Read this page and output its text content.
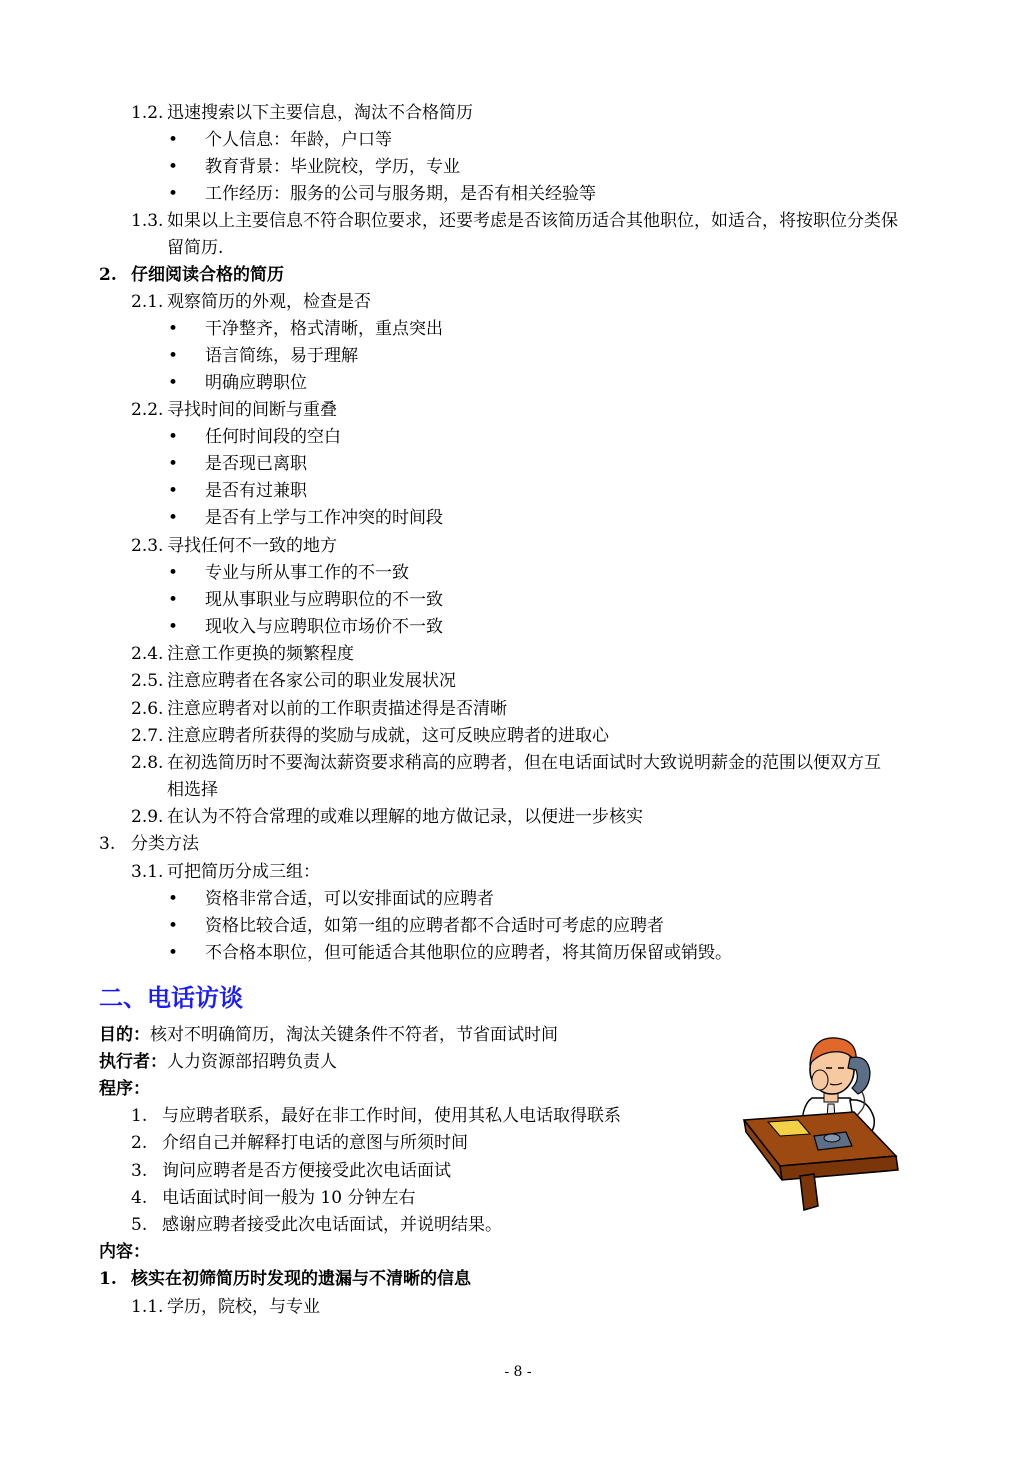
1.2. 迅速搜索以下主要信息，淘汰不合格简历
• 个人信息：年龄，户口等
• 教育背景：毕业院校，学历，专业
• 工作经历：服务的公司与服务期，是否有相关经验等
1.3. 如果以上主要信息不符合职位要求，还要考虑是否该简历适合其他职位，如适合，将按职位分类保
留简历.
2. 仔细阅读合格的简历
2.1. 观察简历的外观，检查是否
• 干净整齐，格式清晰，重点突出
• 语言简练，易于理解
• 明确应聘职位
2.2. 寻找时间的间断与重叠
• 任何时间段的空白
• 是否现已离职
• 是否有过兼职
• 是否有上学与工作冲突的时间段
2.3. 寻找任何不一致的地方
• 专业与所从事工作的不一致
• 现从事职业与应聘职位的不一致
• 现收入与应聘职位市场价不一致
2.4. 注意工作更换的频繁程度
2.5. 注意应聘者在各家公司的职业发展状况
2.6. 注意应聘者对以前的工作职责描述得是否清晰
2.7. 注意应聘者所获得的奖励与成就，这可反映应聘者的进取心
2.8. 在初选简历时不要淘汰薪资要求稍高的应聘者，但在电话面试时大致说明薪金的范围以便双方互
相选择
2.9. 在认为不符合常理的或难以理解的地方做记录，以便进一步核实
3. 分类方法
3.1. 可把简历分成三组：
• 资格非常合适，可以安排面试的应聘者
• 资格比较合适，如第一组的应聘者都不合适时可考虑的应聘者
• 不合格本职位，但可能适合其他职位的应聘者，将其简历保留或销毁。
二、电话访谈
目的：核对不明确简历，淘汰关键条件不符者，节省面试时间
执行者：人力资源部招聘负责人
程序：
1. 与应聘者联系，最好在非工作时间，使用其私人电话取得联系
2. 介绍自己并解释打电话的意图与所须时间
3. 询问应聘者是否方便接受此次电话面试
4. 电话面试时间一般为 10 分钟左右
5. 感谢应聘者接受此次电话面试，并说明结果。
内容：
1. 核实在初筛简历时发现的遗漏与不清晰的信息
1.1. 学历，院校，与专业
- 8 -
